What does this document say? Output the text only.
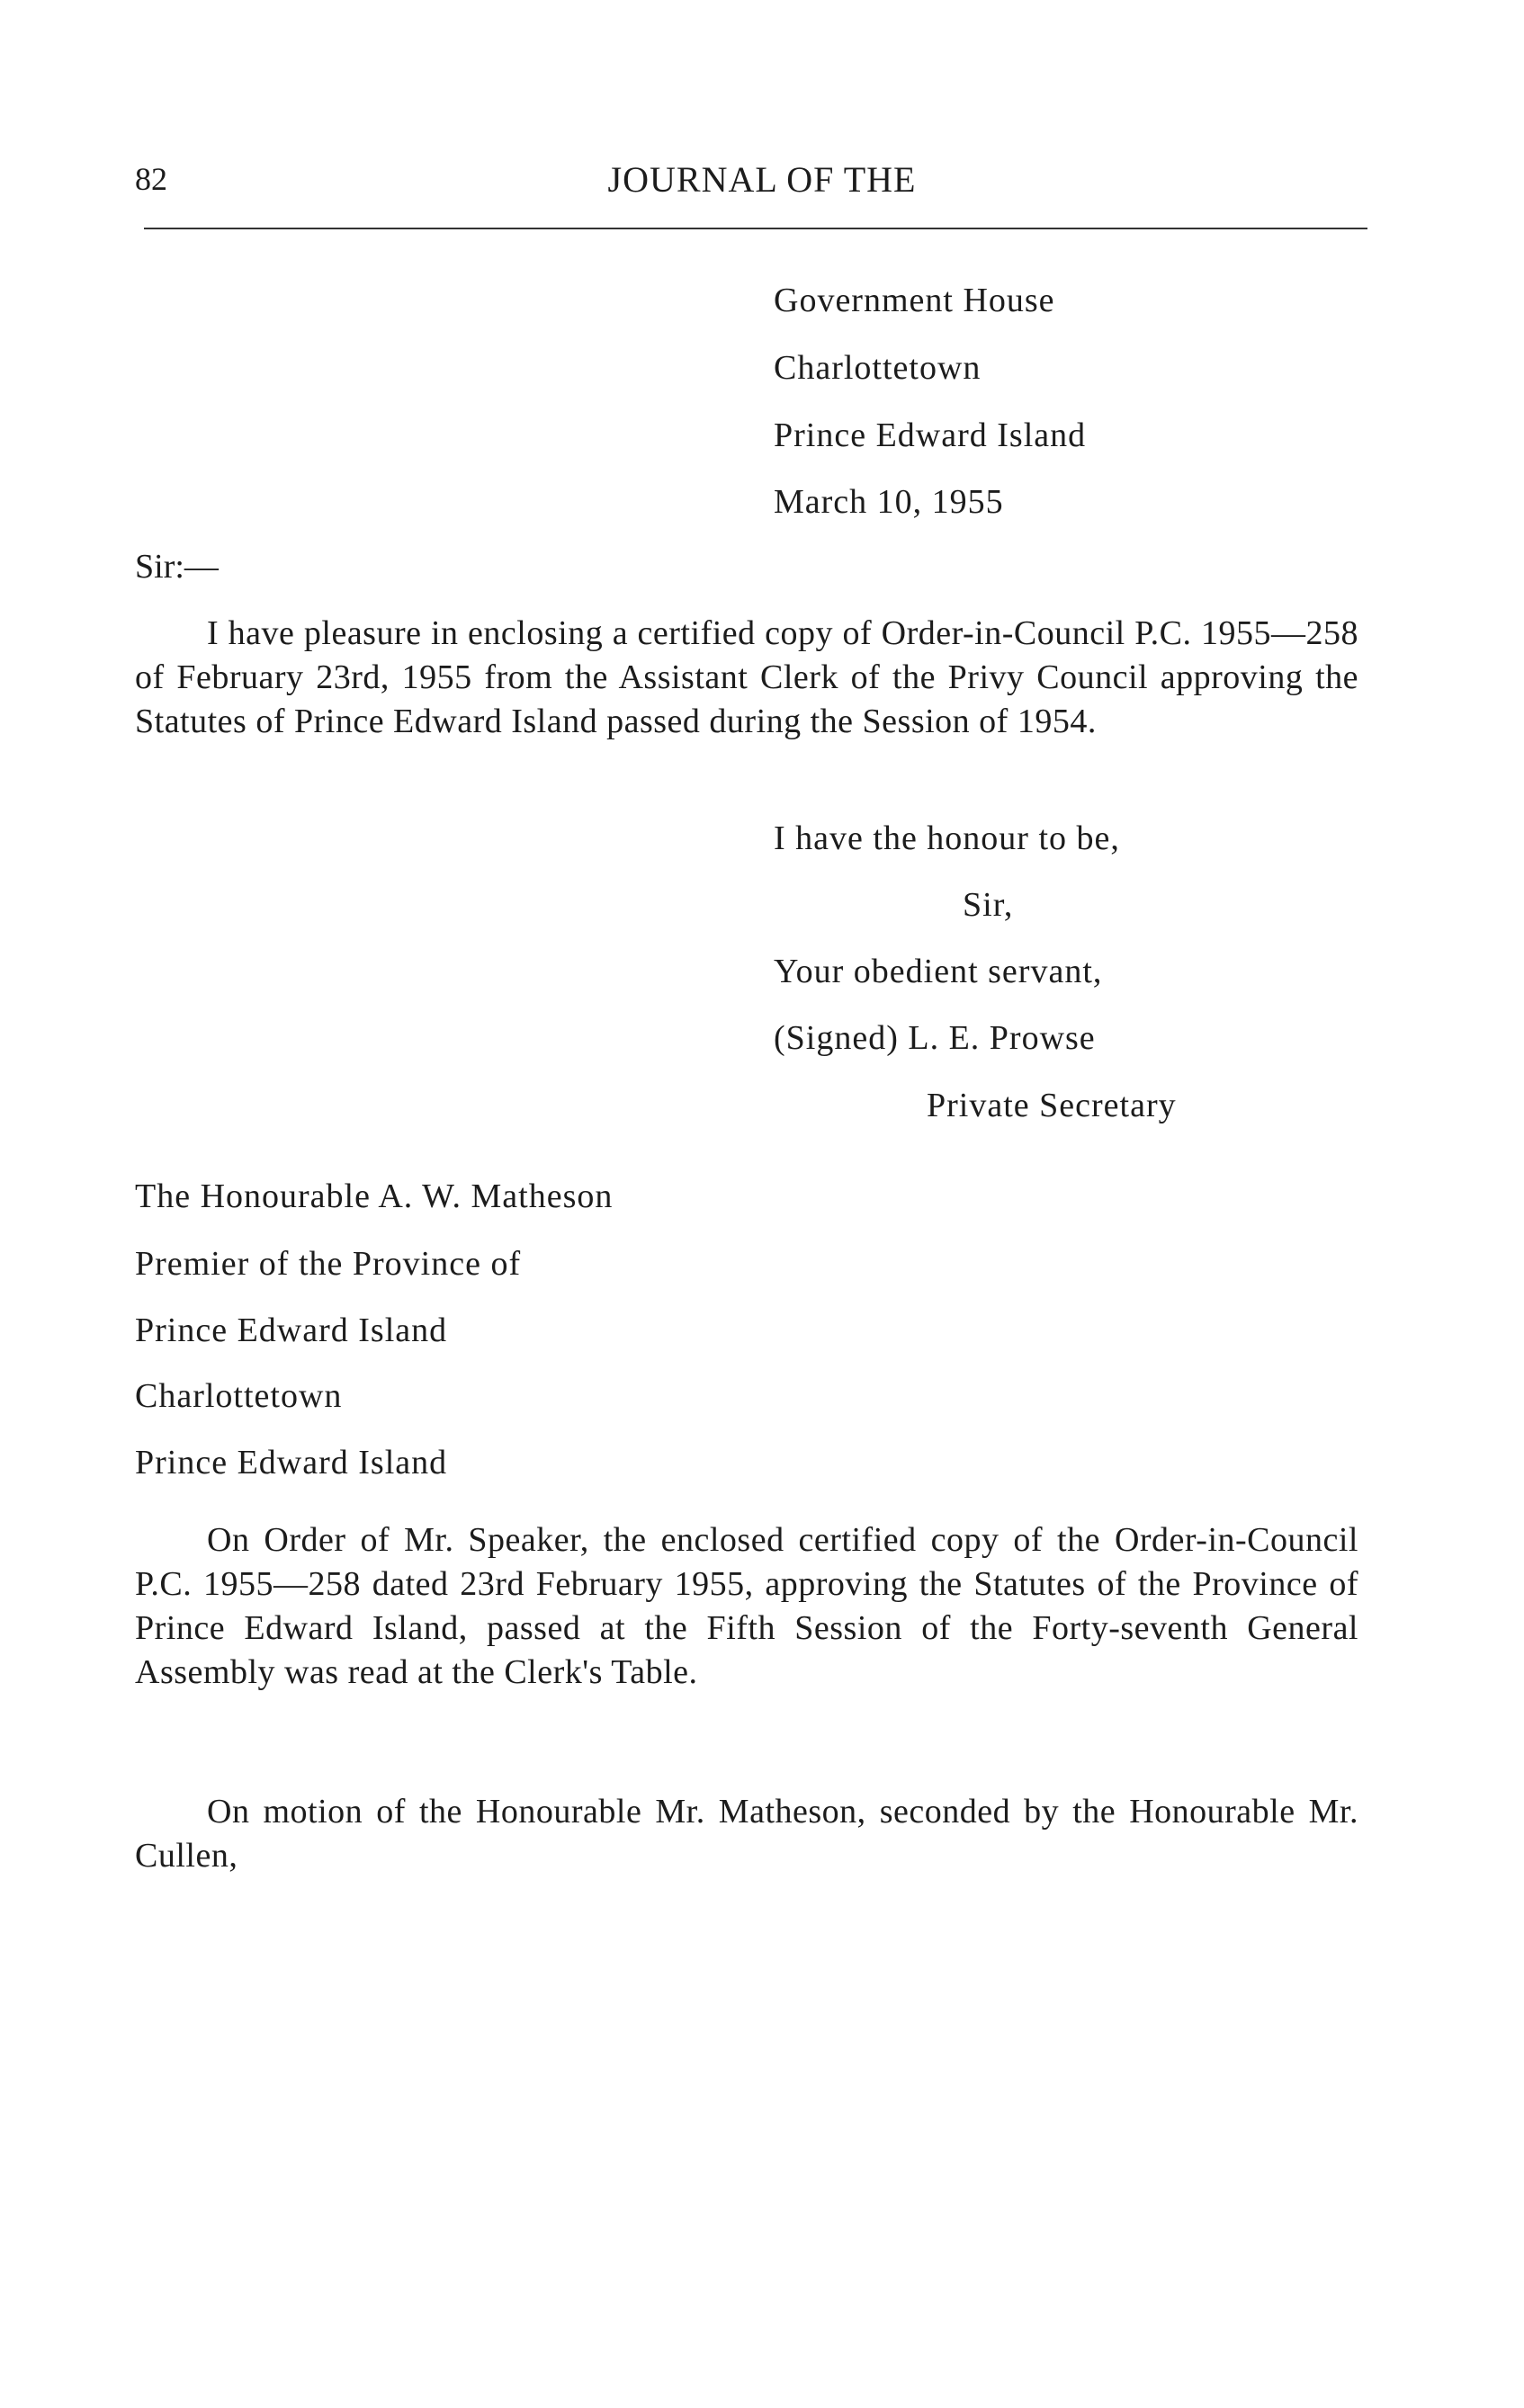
82	JOURNAL OF THE
Government House
Charlottetown
Prince Edward Island
March 10, 1955
Sir:—
I have pleasure in enclosing a certified copy of Order-in-Council P.C. 1955—258 of February 23rd, 1955 from the Assistant Clerk of the Privy Council approving the Statutes of Prince Edward Island passed during the Session of 1954.
I have the honour to be,
Sir,
Your obedient servant,
(Signed) L. E. Prowse
Private Secretary
The Honourable A. W. Matheson
Premier of the Province of
Prince Edward Island
Charlottetown
Prince Edward Island
On Order of Mr. Speaker, the enclosed certified copy of the Order-in-Council P.C. 1955—258 dated 23rd February 1955, approving the Statutes of the Province of Prince Edward Island, passed at the Fifth Session of the Forty-seventh General Assembly was read at the Clerk's Table.
On motion of the Honourable Mr. Matheson, seconded by the Honourable Mr. Cullen,
